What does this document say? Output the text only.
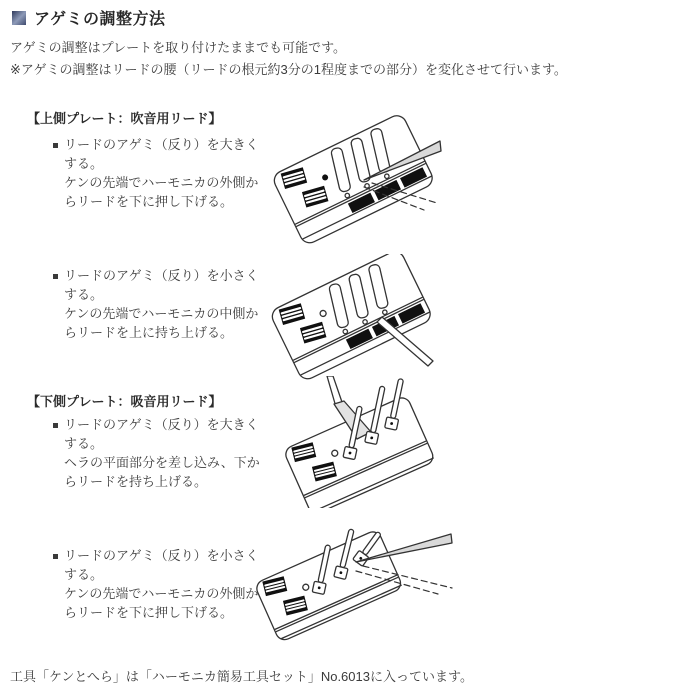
アゲミの調整方法
アゲミの調整はプレートを取り付けたままでも可能です。
※アゲミの調整はリードの腰（リードの根元約3分の1程度までの部分）を変化させて行います。
【上側プレート：吹音用リード】
リードのアゲミ（反り）を大きく
する。
ケンの先端でハーモニカの外側か
らリードを下に押し下げる。
リードのアゲミ（反り）を小さく
する。
ケンの先端でハーモニカの中側か
らリードを上に持ち上げる。
【下側プレート：吸音用リード】
リードのアゲミ（反り）を大きく
する。
ヘラの平面部分を差し込み、下か
らリードを持ち上げる。
リードのアゲミ（反り）を小さく
する。
ケンの先端でハーモニカの外側か
らリードを下に押し下げる。
工具「ケンとへら」は「ハーモニカ簡易工具セット」No.6013に入っています。
